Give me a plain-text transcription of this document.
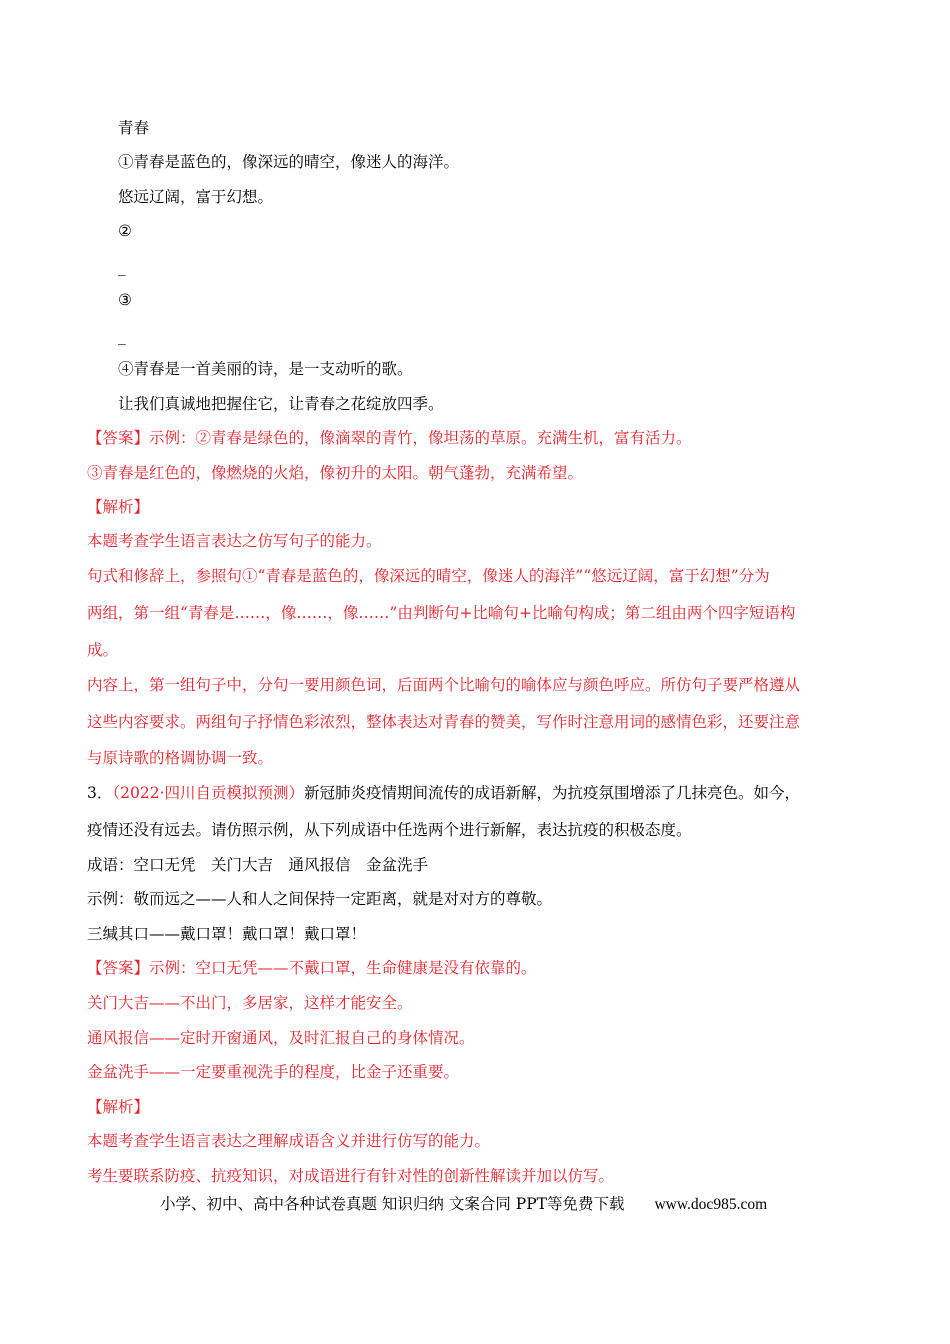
青春
①青春是蓝色的，像深远的晴空，像迷人的海洋。
悠远辽阔，富于幻想。
②
_
③
_
④青春是一首美丽的诗，是一支动听的歌。
让我们真诚地把握住它，让青春之花绽放四季。
【答案】示例：②青春是绿色的，像滴翠的青竹，像坦荡的草原。充满生机，富有活力。
③青春是红色的，像燃烧的火焰，像初升的太阳。朝气蓬勃，充满希望。
【解析】
本题考查学生语言表达之仿写句子的能力。
句式和修辞上，参照句①“青春是蓝色的，像深远的晴空，像迷人的海洋”“悠远辽阔，富于幻想”分为
两组，第一组“青春是……，像……，像……”由判断句+比喻句+比喻句构成；第二组由两个四字短语构
成。
内容上，第一组句子中，分句一要用颜色词，后面两个比喻句的喻体应与颜色呼应。所仿句子要严格遵从
这些内容要求。两组句子抒情色彩浓烈，整体表达对青春的赞美，写作时注意用词的感情色彩，还要注意
与原诗歌的格调协调一致。
3．（2022·四川自贡模拟预测）新冠肺炎疫情期间流传的成语新解，为抗疫氛围增添了几抹亮色。如今，
疫情还没有远去。请仿照示例，从下列成语中任选两个进行新解，表达抗疫的积极态度。
成语：空口无凭　关门大吉　通风报信　金盆洗手
示例：敬而远之——人和人之间保持一定距离，就是对对方的尊敬。
三缄其口——戴口罩！戴口罩！戴口罩！
【答案】示例：空口无凭——不戴口罩，生命健康是没有依靠的。
关门大吉——不出门，多居家，这样才能安全。
通风报信——定时开窗通风，及时汇报自己的身体情况。
金盆洗手——一定要重视洗手的程度，比金子还重要。
【解析】
本题考查学生语言表达之理解成语含义并进行仿写的能力。
考生要联系防疫、抗疫知识，对成语进行有针对性的创新性解读并加以仿写。
小学、初中、高中各种试卷真题 知识归纳 文案合同 PPT等免费下载 www.doc985.com
